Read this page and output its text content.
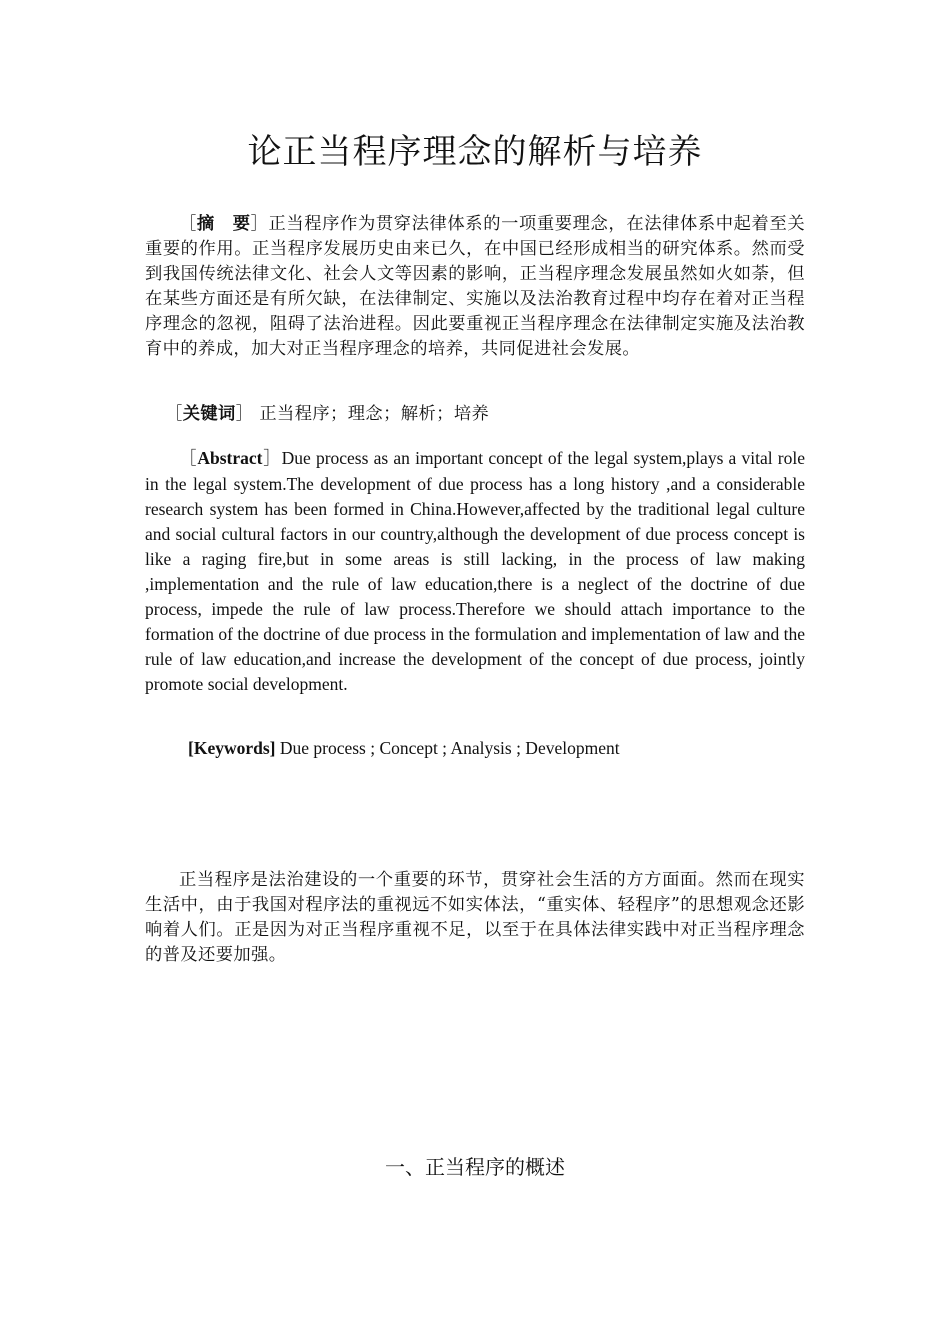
论正当程序理念的解析与培养
［摘　要］正当程序作为贯穿法律体系的一项重要理念，在法律体系中起着至关重要的作用。正当程序发展历史由来已久，在中国已经形成相当的研究体系。然而受到我国传统法律文化、社会人文等因素的影响，正当程序理念发展虽然如火如荼，但在某些方面还是有所欠缺，在法律制定、实施以及法治教育过程中均存在着对正当程序理念的忽视，阻碍了法治进程。因此要重视正当程序理念在法律制定实施及法治教育中的养成，加大对正当程序理念的培养，共同促进社会发展。
［关键词］ 正当程序；理念；解析；培养
［Abstract］Due process as an important concept of the legal system,plays a vital role in the legal system.The development of due process has a long history ,and a considerable research system has been formed in China.However,affected by the traditional legal culture and social cultural factors in our country,although the development of due process concept is like a raging fire,but in some areas is still lacking, in the process of law making ,implementation and the rule of law education,there is a neglect of the doctrine of due process, impede the rule of law process.Therefore we should attach importance to the formation of the doctrine of due process in the formulation and implementation of law and the rule of law education,and increase the development of the concept of due process, jointly promote social development.
[Keywords] Due process ; Concept ; Analysis ; Development
正当程序是法治建设的一个重要的环节，贯穿社会生活的方方面面。然而在现实生活中，由于我国对程序法的重视远不如实体法，“重实体、轻程序”的思想观念还影响着人们。正是因为对正当程序重视不足，以至于在具体法律实践中对正当程序理念的普及还要加强。
一、正当程序的概述
